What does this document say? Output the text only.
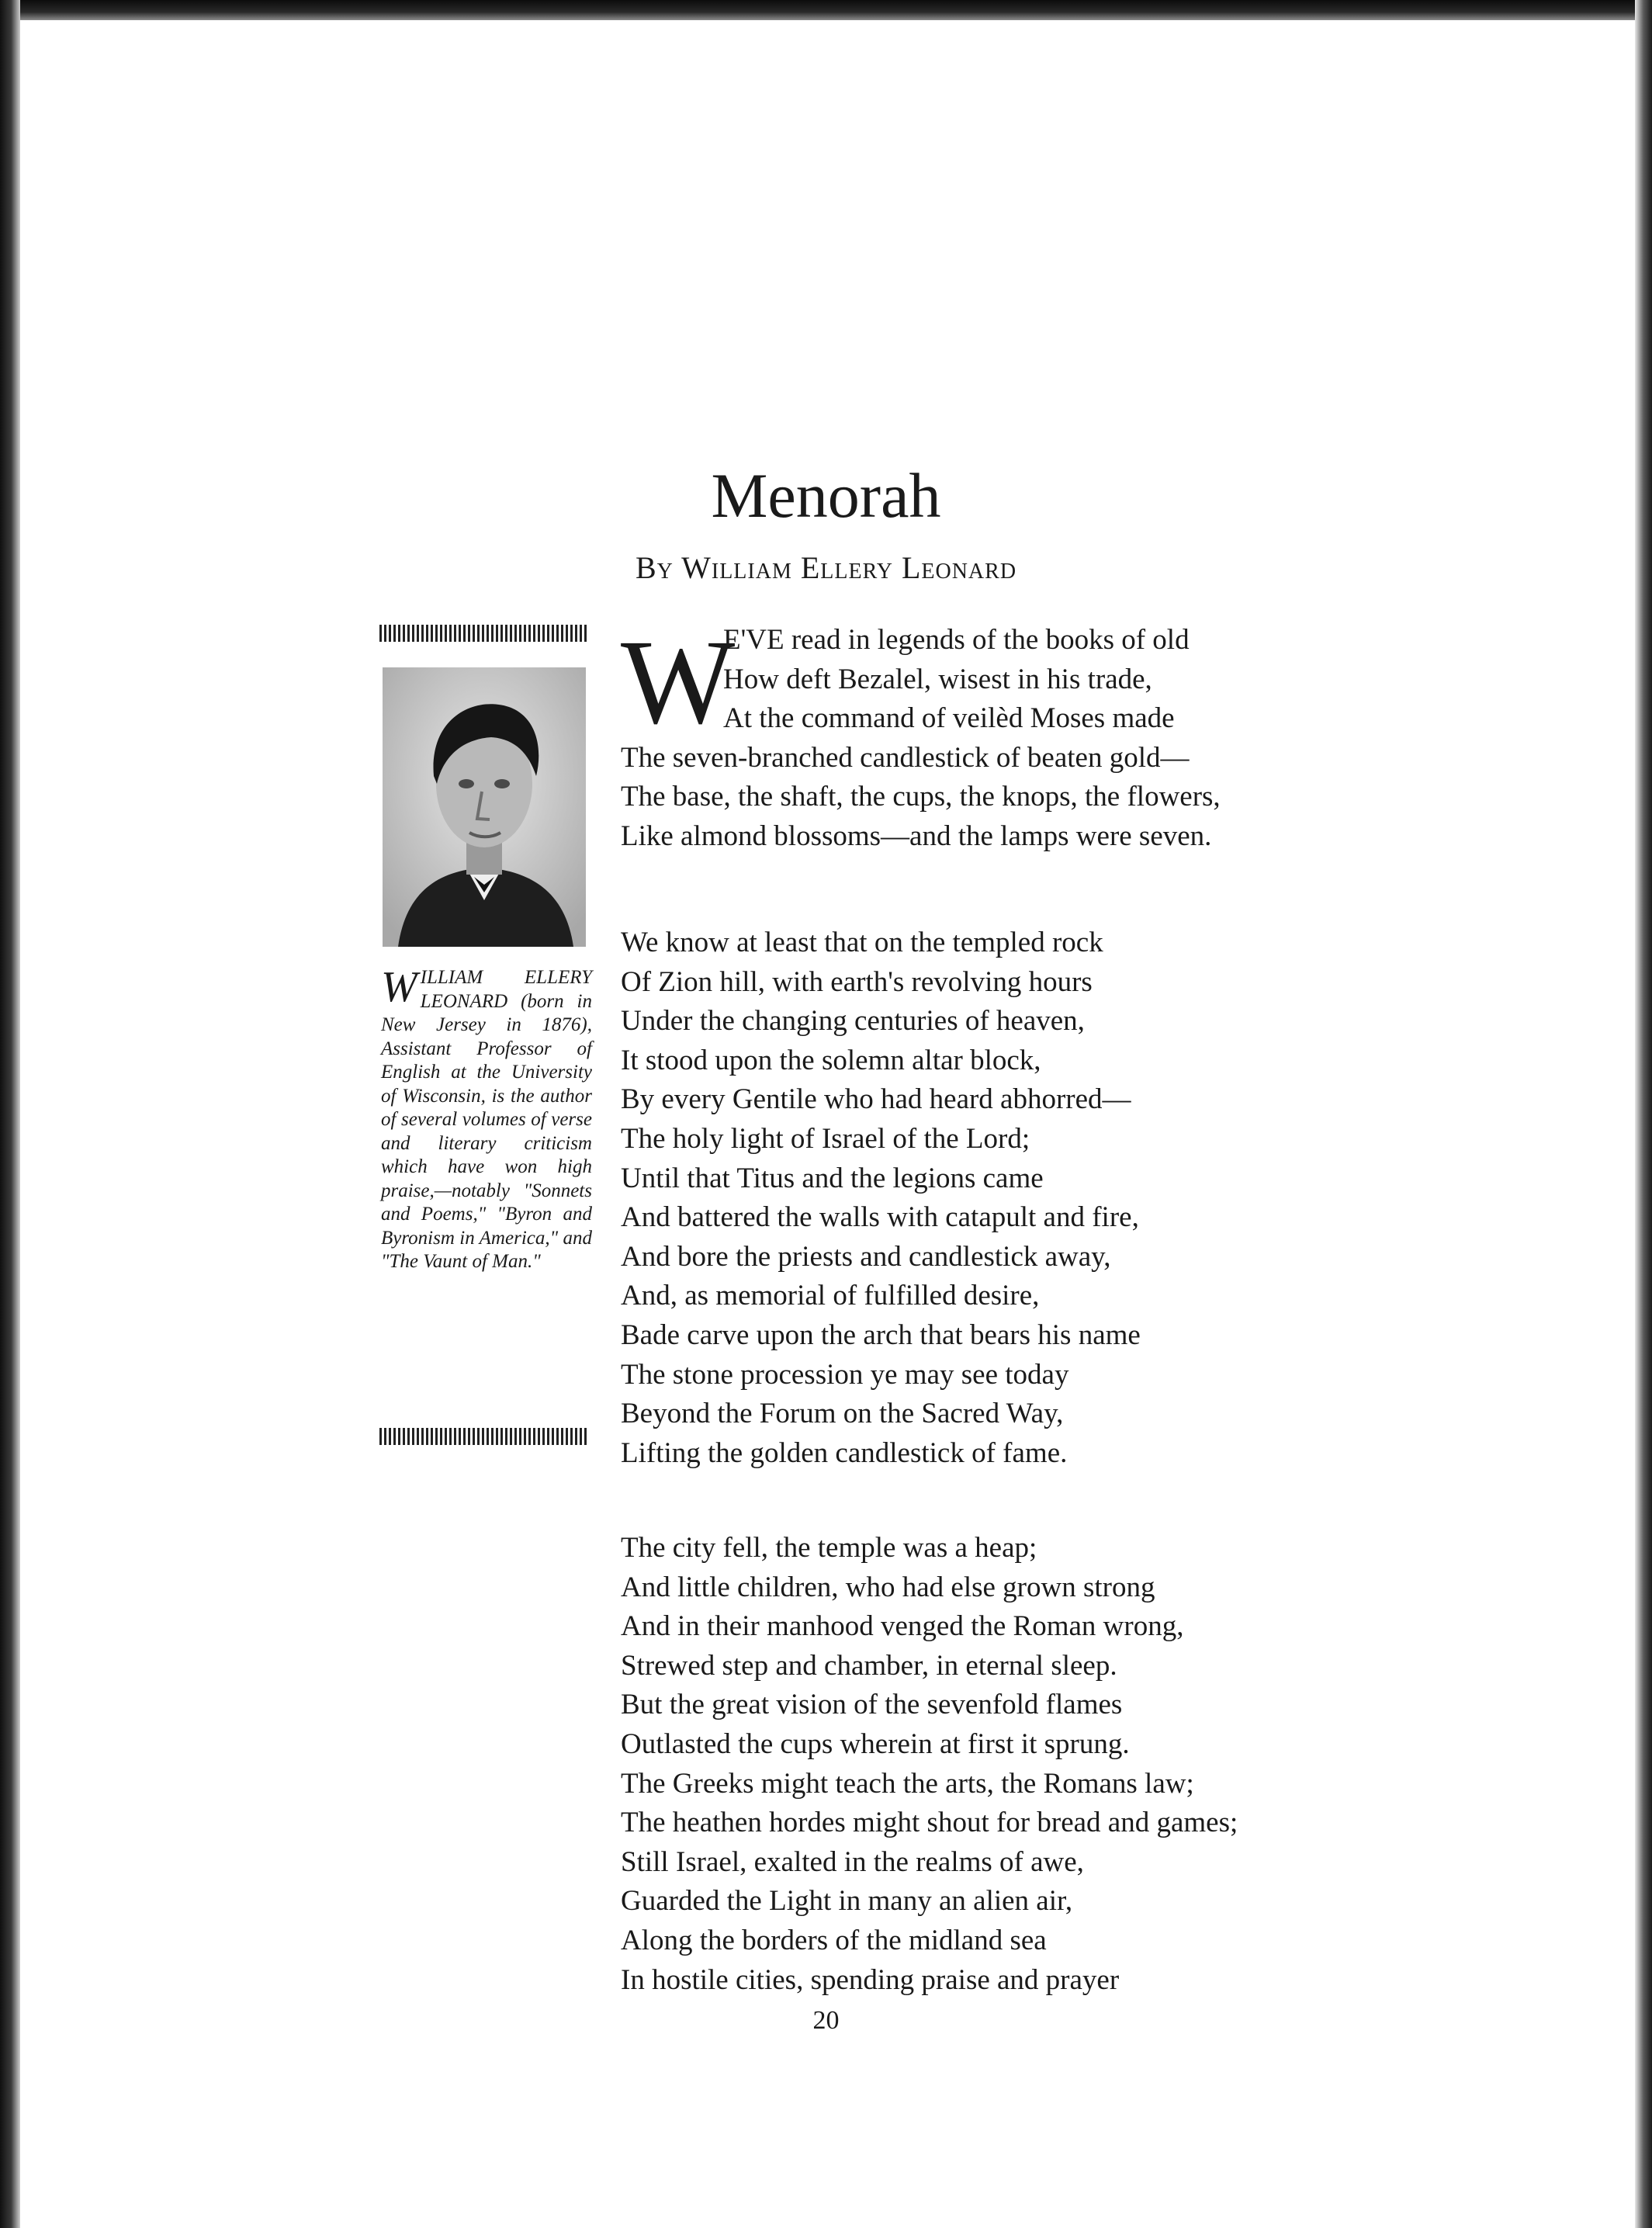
Menorah
By William Ellery Leonard
WILLIAM ELLERY LEONARD (born in New Jersey in 1876), Assistant Professor of English at the University of Wisconsin, is the author of several volumes of verse and literary criticism which have won high praise,—notably "Sonnets and Poems," "Byron and Byronism in America," and "The Vaunt of Man."
W
E'VE read in legends of the books of old
How deft Bezalel, wisest in his trade,
At the command of veilèd Moses made
The seven-branched candlestick of beaten gold—
The base, the shaft, the cups, the knops, the flowers,
Like almond blossoms—and the lamps were seven.
We know at least that on the templed rock
Of Zion hill, with earth's revolving hours
Under the changing centuries of heaven,
It stood upon the solemn altar block,
By every Gentile who had heard abhorred—
The holy light of Israel of the Lord;
Until that Titus and the legions came
And battered the walls with catapult and fire,
And bore the priests and candlestick away,
And, as memorial of fulfilled desire,
Bade carve upon the arch that bears his name
The stone procession ye may see today
Beyond the Forum on the Sacred Way,
Lifting the golden candlestick of fame.
The city fell, the temple was a heap;
And little children, who had else grown strong
And in their manhood venged the Roman wrong,
Strewed step and chamber, in eternal sleep.
But the great vision of the sevenfold flames
Outlasted the cups wherein at first it sprung.
The Greeks might teach the arts, the Romans law;
The heathen hordes might shout for bread and games;
Still Israel, exalted in the realms of awe,
Guarded the Light in many an alien air,
Along the borders of the midland sea
In hostile cities, spending praise and prayer
20
